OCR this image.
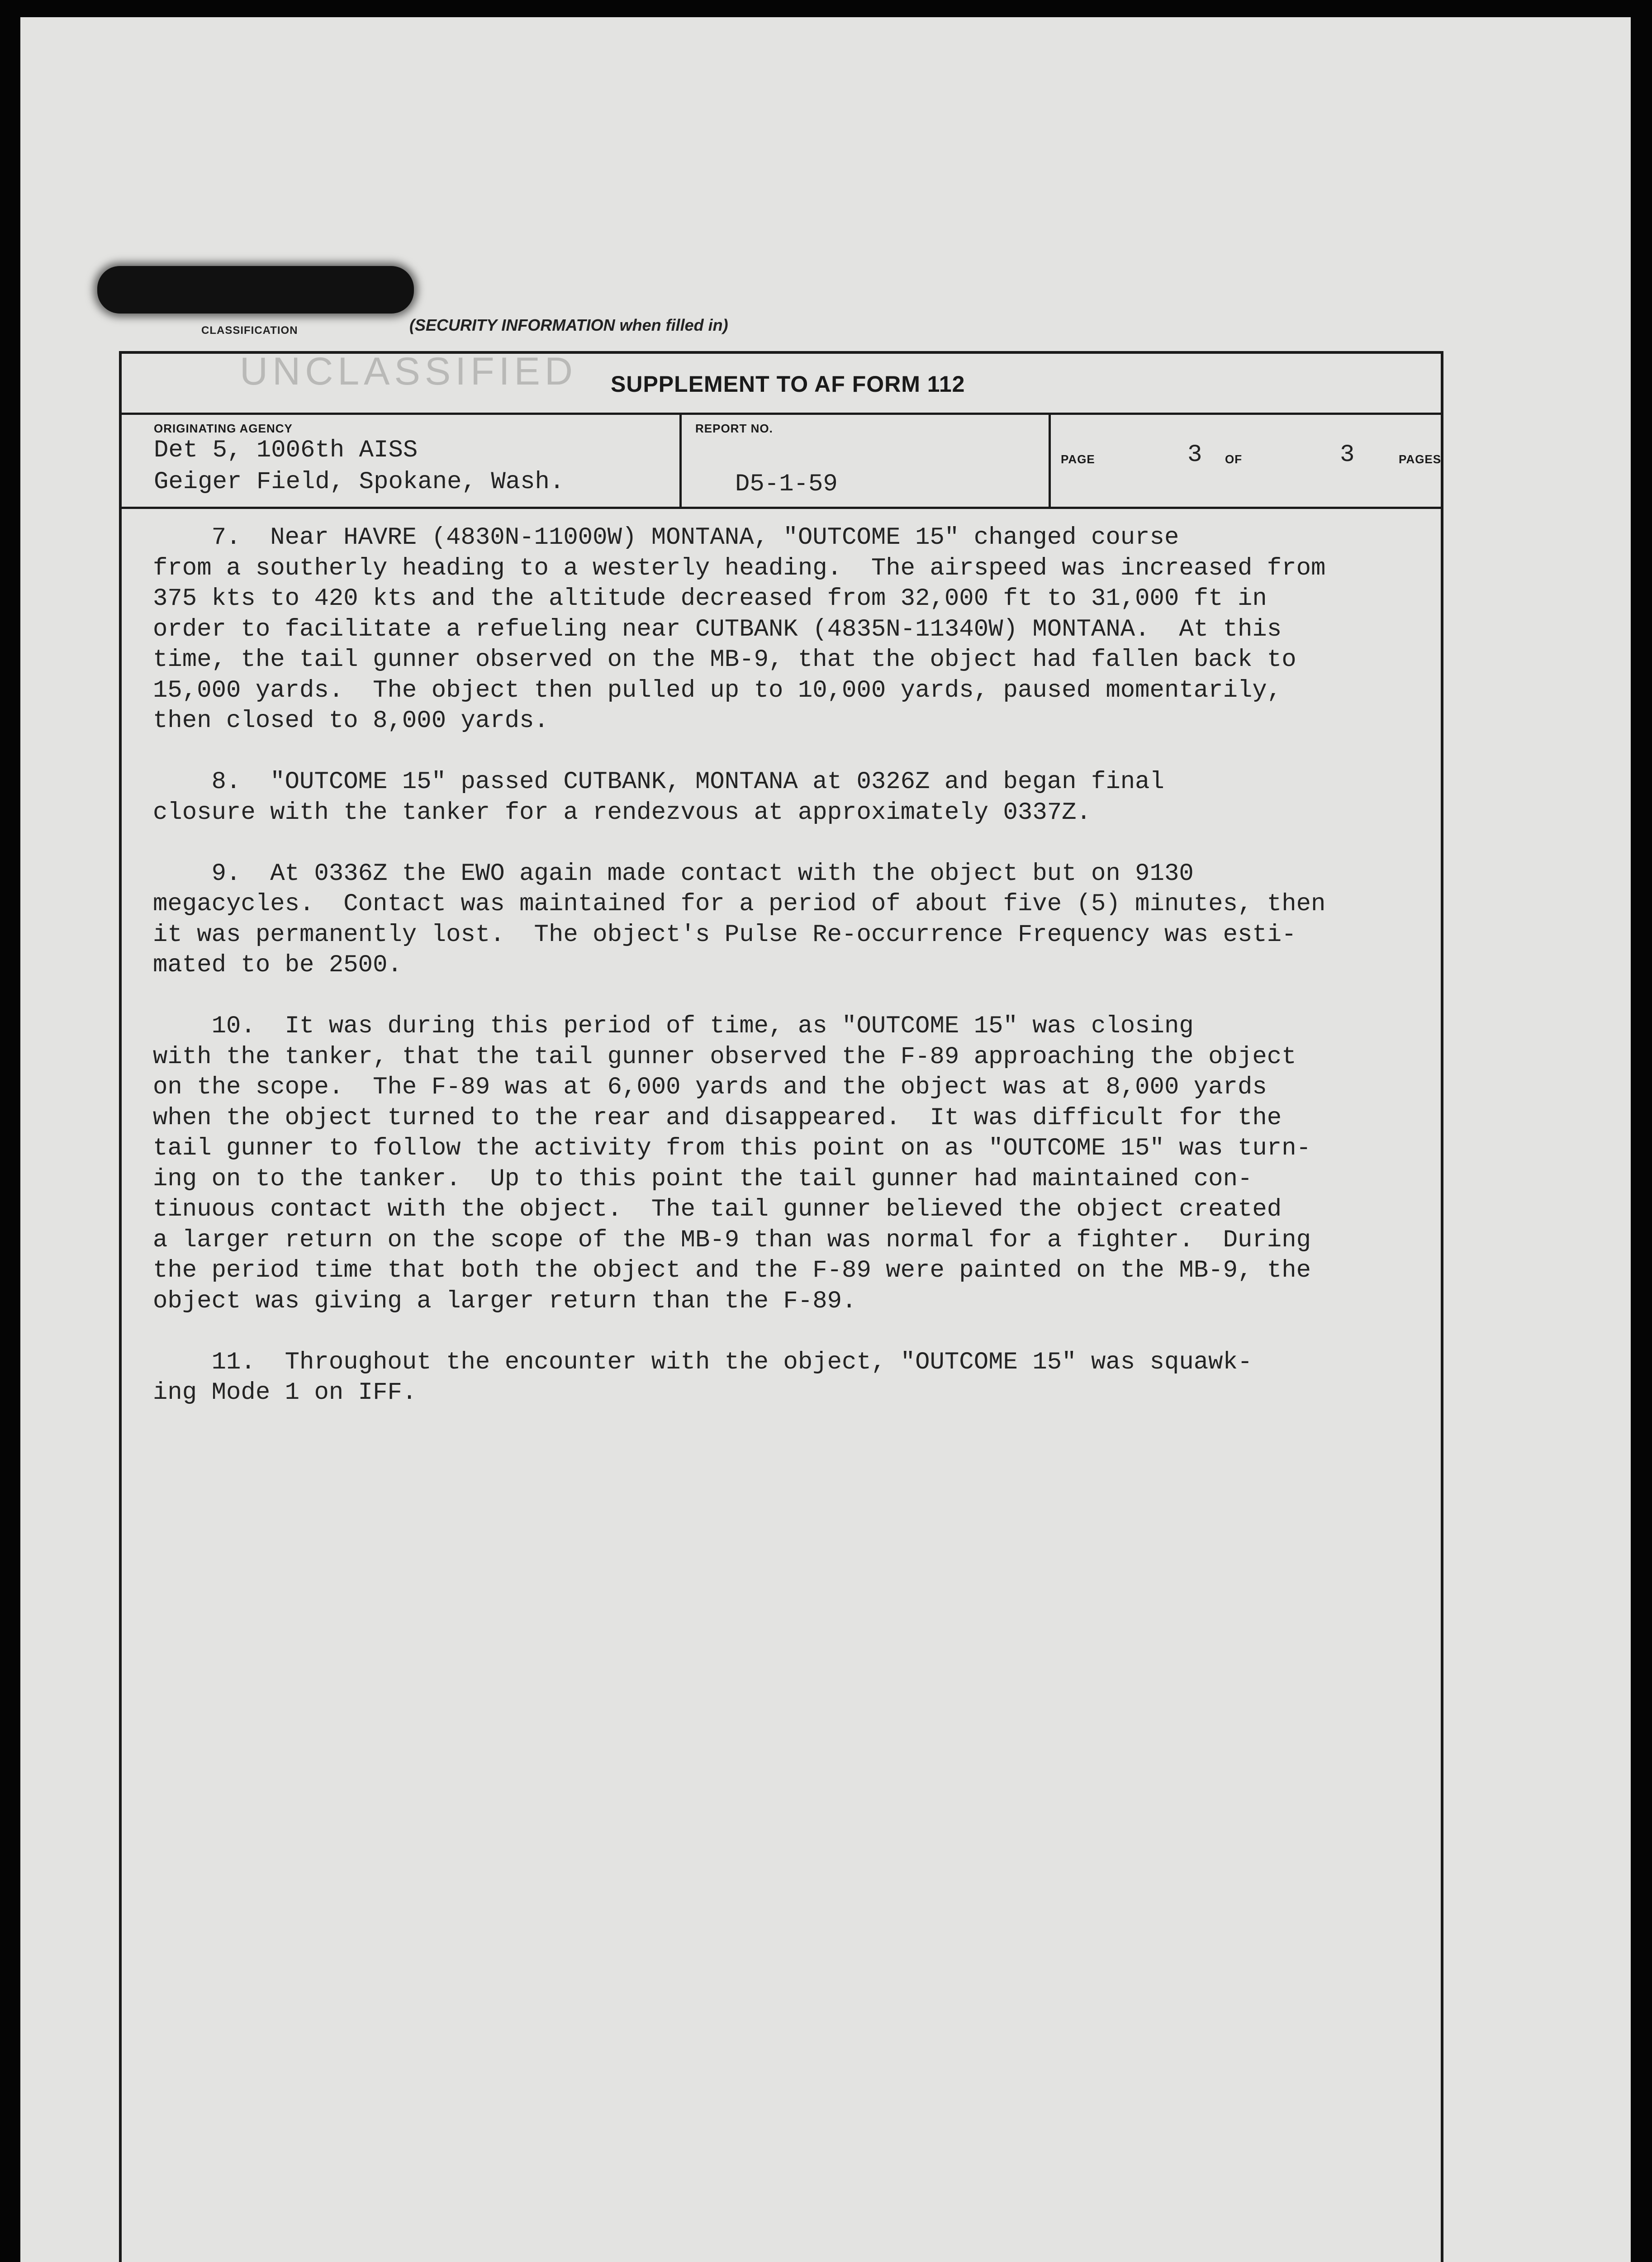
CLASSIFICATION	(SECURITY INFORMATION when filled in)
UNCLASSIFIED SUPPLEMENT TO AF FORM 112
ORIGINATING AGENCY
Det 5, 1006th AISS
Geiger Field, Spokane, Wash.
REPORT NO.
D5-1-59
PAGE	3 OF	3	PAGES

7.  Near HAVRE (4830N-11000W) MONTANA, "OUTCOME 15" changed course

from a southerly heading to a westerly heading.  The airspeed was increased from

375 kts to 420 kts and the altitude decreased from 32,000 ft to 31,000 ft in

order to facilitate a refueling near CUTBANK (4835N-11340W) MONTANA.  At this

time, the tail gunner observed on the MB-9, that the object had fallen back to

15,000 yards.  The object then pulled up to 10,000 yards, paused momentarily,

then closed to 8,000 yards.

8.  "OUTCOME 15" passed CUTBANK, MONTANA at 0326Z and began final

closure with the tanker for a rendezvous at approximately 0337Z.

9.  At 0336Z the EWO again made contact with the object but on 9130

megacycles.  Contact was maintained for a period of about five (5) minutes, then

it was permanently lost.  The object's Pulse Re-occurrence Frequency was esti-

mated to be 2500.

10.  It was during this period of time, as "OUTCOME 15" was closing

with the tanker, that the tail gunner observed the F-89 approaching the object

on the scope.  The F-89 was at 6,000 yards and the object was at 8,000 yards

when the object turned to the rear and disappeared.  It was difficult for the

tail gunner to follow the activity from this point on as "OUTCOME 15" was turn-

ing on to the tanker.  Up to this point the tail gunner had maintained con-

tinuous contact with the object.  The tail gunner believed the object created

a larger return on the scope of the MB-9 than was normal for a fighter.  During

the period time that both the object and the F-89 were painted on the MB-9, the

object was giving a larger return than the F-89.

11.  Throughout the encounter with the object, "OUTCOME 15" was squawk-

ing Mode 1 on IFF.
